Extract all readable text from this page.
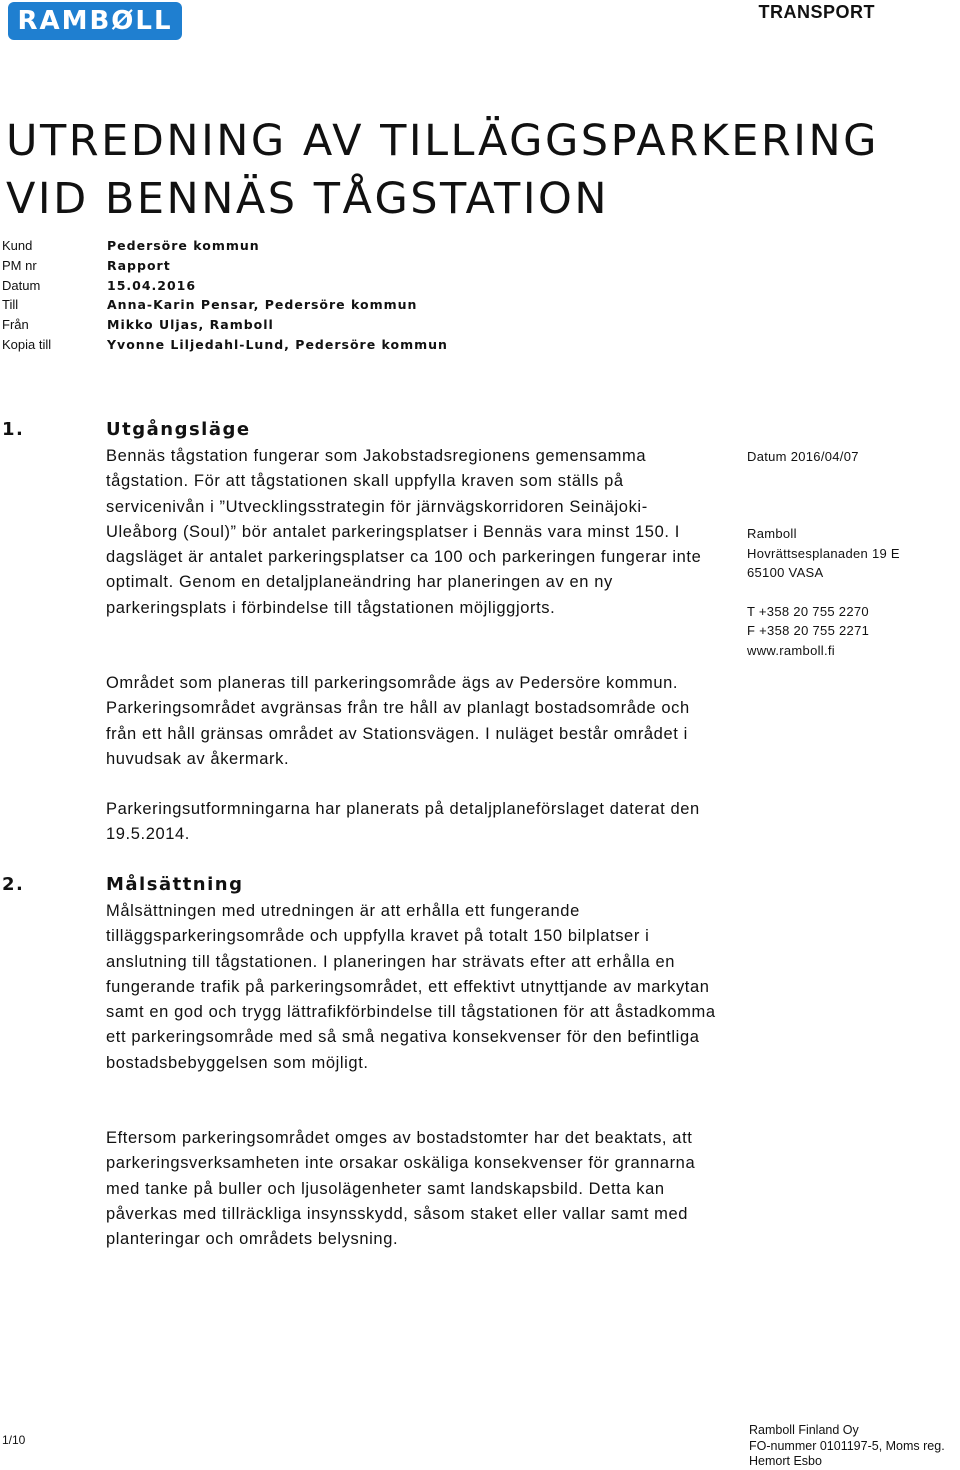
RAMBØLL	TRANSPORT
UTREDNING AV TILLÄGGSPARKERING VID BENNÄS TÅGSTATION
Kund	Pedersöre kommun
PM nr	Rapport
Datum	15.04.2016
Till	Anna-Karin Pensar, Pedersöre kommun
Från	Mikko Uljas, Ramboll
Kopia till	Yvonne Liljedahl-Lund, Pedersöre kommun
1.	Utgångsläge

Bennäs tågstation fungerar som Jakobstadsregionens gemensamma tågstation. För att tågstationen skall uppfylla kraven som ställs på servicenivån i ”Utvecklingsstrategin för järnvägskorridoren Seinäjoki-Uleåborg (Soul)” bör antalet parkeringsplatser i Bennäs vara minst 150. I dagsläget är antalet parkeringsplatser ca 100 och parkeringen fungerar inte optimalt. Genom en detaljplaneändring har planeringen av en ny parkeringsplats i förbindelse till tågstationen möjliggjorts.

Området som planeras till parkeringsområde ägs av Pedersöre kommun. Parkeringsområdet avgränsas från tre håll av planlagt bostadsområde och från ett håll gränsas området av Stationsvägen. I nuläget består området i huvudsak av åkermark.

Parkeringsutformningarna har planerats på detaljplaneförslaget daterat den 19.5.2014.

2.	Målsättning

Målsättningen med utredningen är att erhålla ett fungerande tilläggsparkeringsområde och uppfylla kravet på totalt 150 bilplatser i anslutning till tågstationen. I planeringen har strävats efter att erhålla en fungerande trafik på parkeringsområdet, ett effektivt utnyttjande av markytan samt en god och trygg lättrafikförbindelse till tågstationen för att åstadkomma ett parkeringsområde med så små negativa konsekvenser för den befintliga bostadsbebyggelsen som möjligt.

Eftersom parkeringsområdet omges av bostadstomter har det beaktats, att parkeringsverksamheten inte orsakar oskäliga konsekvenser för grannarna med tanke på buller och ljusolägenheter samt landskapsbild. Detta kan påverkas med tillräckliga insynsskydd, såsom staket eller vallar samt med planteringar och områdets belysning.

Datum 2016/04/07
Ramboll
Hovrättsesplanaden 19 E
65100 VASA
T +358 20 755 2270
F +358 20 755 2271
www.ramboll.fi
1/10
Ramboll Finland Oy
FO-nummer 0101197-5, Moms reg.
Hemort Esbo
